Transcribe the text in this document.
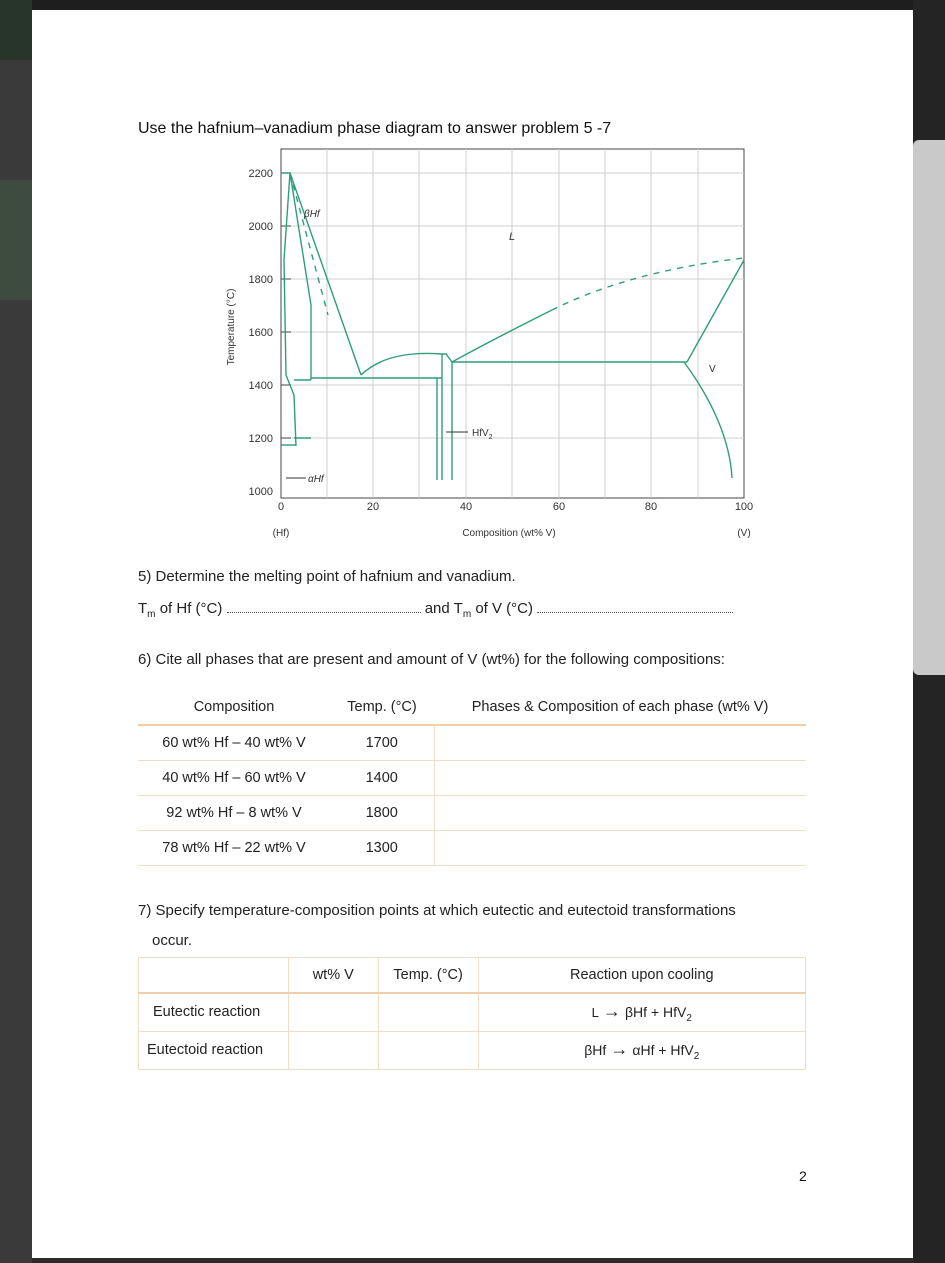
Use the hafnium–vanadium phase diagram to answer problem 5 -7
2200
2000
1800
1600
1400
1200
1000
Temperature (°C)
0	20	40	60	80	100
(Hf)	(V)
Composition (wt% V)
βHf
L
V
HfV$_2$
αHf
5) Determine the melting point of hafnium and vanadium.
$T_m$ of Hf (°C)	and $T_m$ of V (°C)
6) Cite all phases that are present and amount of V (wt%) for the following compositions:
Composition	Temp. (°C)	Phases & Composition of each phase (wt% V)
60 wt% Hf – 40 wt% V	1700	
40 wt% Hf – 60 wt% V	1400	
92 wt% Hf – 8 wt% V	1800	
78 wt% Hf – 22 wt% V	1300	
7) Specify temperature-composition points at which eutectic and eutectoid transformations
occur.
	wt% V	Temp. (°C)	Reaction upon cooling
Eutectic reaction			L → βHf + HfV$_2$
Eutectoid reaction			βHf → αHf + HfV$_2$
2
